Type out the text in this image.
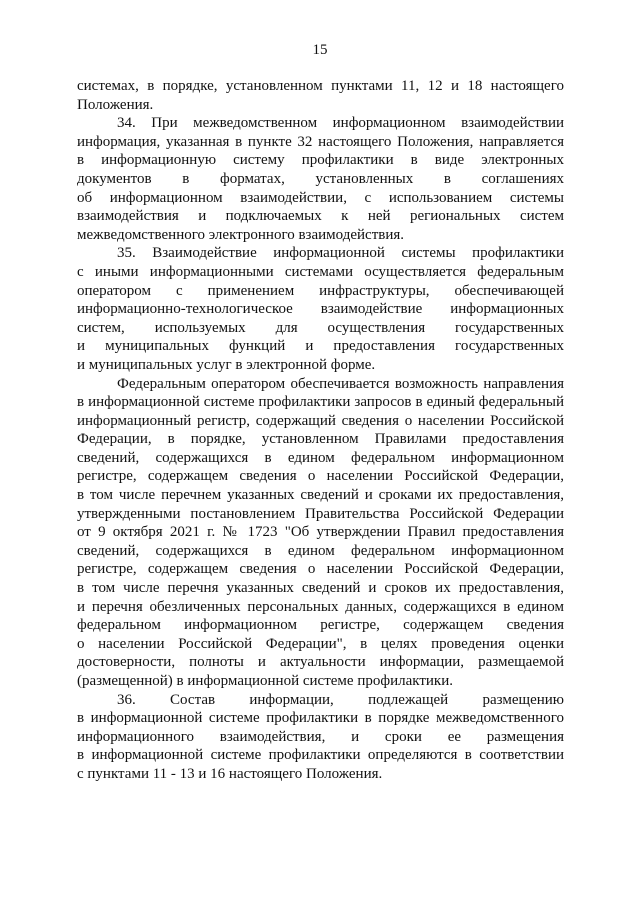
15
системах, в порядке, установленном пунктами 11, 12 и 18 настоящего
Положения.
34. При межведомственном информационном взаимодействии
информация, указанная в пункте 32 настоящего Положения, направляется
в информационную систему профилактики в виде электронных
документов в форматах, установленных в соглашениях
об информационном взаимодействии, с использованием системы
взаимодействия и подключаемых к ней региональных систем
межведомственного электронного взаимодействия.
35. Взаимодействие информационной системы профилактики
с иными информационными системами осуществляется федеральным
оператором с применением инфраструктуры, обеспечивающей
информационно-технологическое взаимодействие информационных
систем, используемых для осуществления государственных
и муниципальных функций и предоставления государственных
и муниципальных услуг в электронной форме.
Федеральным оператором обеспечивается возможность направления
в информационной системе профилактики запросов в единый федеральный
информационный регистр, содержащий сведения о населении Российской
Федерации, в порядке, установленном Правилами предоставления
сведений, содержащихся в едином федеральном информационном
регистре, содержащем сведения о населении Российской Федерации,
в том числе перечнем указанных сведений и сроками их предоставления,
утвержденными постановлением Правительства Российской Федерации
от 9 октября 2021 г. № 1723 "Об утверждении Правил предоставления
сведений, содержащихся в едином федеральном информационном
регистре, содержащем сведения о населении Российской Федерации,
в том числе перечня указанных сведений и сроков их предоставления,
и перечня обезличенных персональных данных, содержащихся в едином
федеральном информационном регистре, содержащем сведения
о населении Российской Федерации", в целях проведения оценки
достоверности, полноты и актуальности информации, размещаемой
(размещенной) в информационной системе профилактики.
36. Состав информации, подлежащей размещению
в информационной системе профилактики в порядке межведомственного
информационного взаимодействия, и сроки ее размещения
в информационной системе профилактики определяются в соответствии
с пунктами 11 - 13 и 16 настоящего Положения.
